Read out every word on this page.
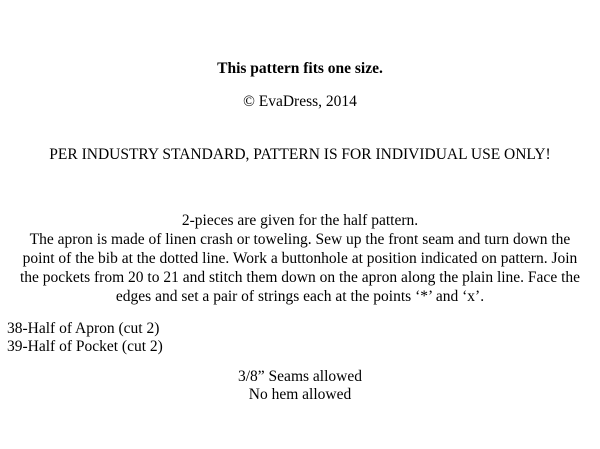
This pattern fits one size.
© EvaDress, 2014
PER INDUSTRY STANDARD, PATTERN IS FOR INDIVIDUAL USE ONLY!
2-pieces are given for the half pattern.
The apron is made of linen crash or toweling. Sew up the front seam and turn down the
point of the bib at the dotted line. Work a buttonhole at position indicated on pattern. Join
the pockets from 20 to 21 and stitch them down on the apron along the plain line. Face the
edges and set a pair of strings each at the points ‘*’ and ‘x’.
38-Half of Apron (cut 2)
39-Half of Pocket (cut 2)
3/8” Seams allowed
No hem allowed
